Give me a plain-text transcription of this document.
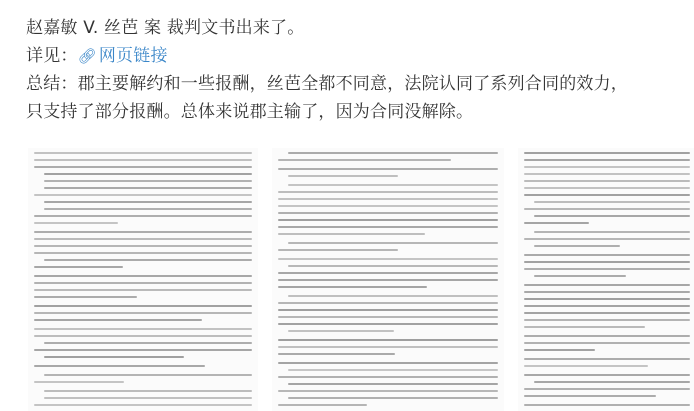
赵嘉敏 V. 丝芭 案 裁判文书出来了。
详见：🔗︎ 网页链接
总结：郡主要解约和一些报酬，丝芭全都不同意，法院认同了系列合同的效力，
只支持了部分报酬。总体来说郡主输了，因为合同没解除。
